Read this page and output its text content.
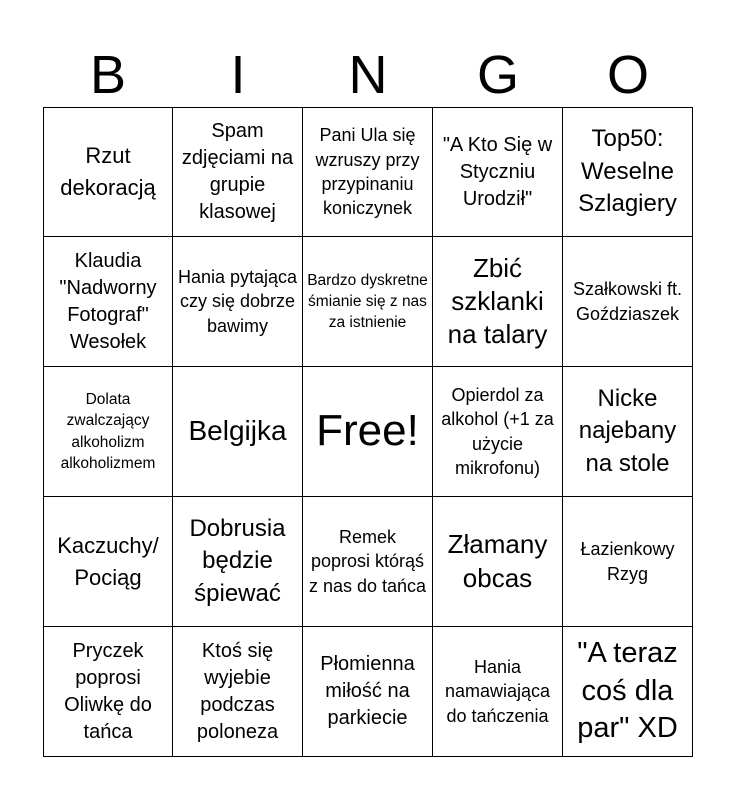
B	I	N	G	O
Rzut dekoracją
Spam zdjęciami na grupie klasowej
Pani Ula się wzruszy przy przypinaniu koniczynek
"A Kto Się w Styczniu Urodził"
Top50: Weselne Szlagiery
Klaudia "Nadworny Fotograf" Wesołek
Hania pytająca czy się dobrze bawimy
Bardzo dyskretne śmianie się z nas za istnienie
Zbić szklanki na talary
Szałkowski ft. Goździaszek
Dolata zwalczający alkoholizm alkoholizmem
Belgijka Free!
Opierdol za alkohol (+1 za użycie mikrofonu)
Nicke najebany na stole
Kaczuchy/ Pociąg
Dobrusia będzie śpiewać
Remek poprosi którąś z nas do tańca
Złamany obcas
Łazienkowy Rzyg
Pryczek poprosi Oliwkę do tańca
Ktoś się wyjebie podczas poloneza
Płomienna miłość na parkiecie
Hania namawiająca do tańczenia
"A teraz coś dla par" XD
